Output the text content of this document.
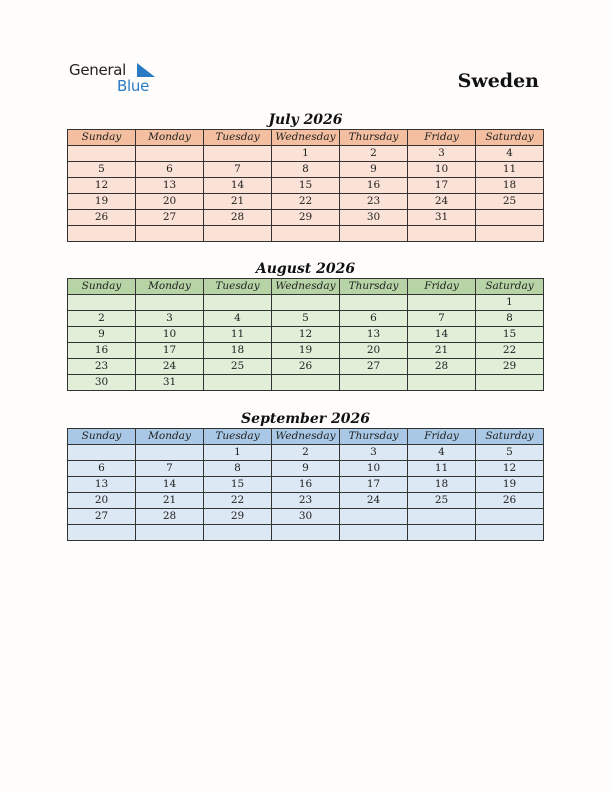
General
Blue	Sweden
July 2026
Sunday	Monday	Tuesday	Wednesday	Thursday	Friday	Saturday
			1	2	3	4
5	6	7	8	9	10	11
12	13	14	15	16	17	18
19	20	21	22	23	24	25
26	27	28	29	30	31	

August 2026
Sunday	Monday	Tuesday	Wednesday	Thursday	Friday	Saturday
						1
2	3	4	5	6	7	8
9	10	11	12	13	14	15
16	17	18	19	20	21	22
23	24	25	26	27	28	29
30	31					
September 2026
Sunday	Monday	Tuesday	Wednesday	Thursday	Friday	Saturday
		1	2	3	4	5
6	7	8	9	10	11	12
13	14	15	16	17	18	19
20	21	22	23	24	25	26
27	28	29	30			
